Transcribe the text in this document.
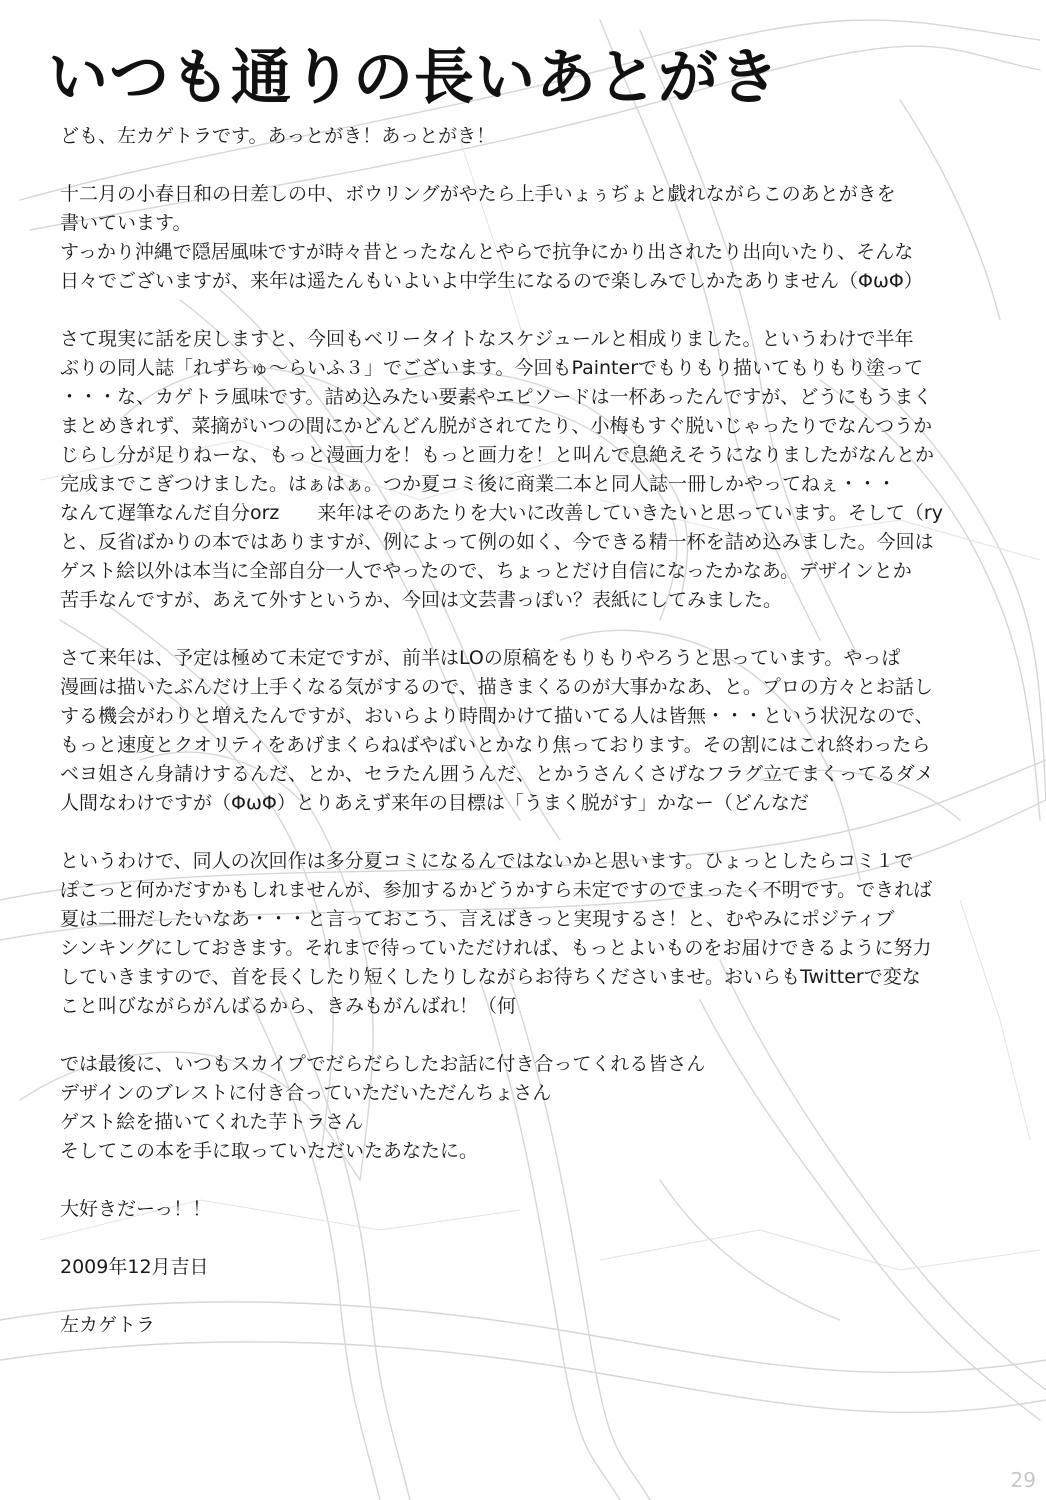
いつも通りの長いあとがき
ども、左カゲトラです。あっとがき！あっとがき！
十二月の小春日和の日差しの中、ボウリングがやたら上手いょぅぢょと戯れながらこのあとがきを
書いています。
すっかり沖縄で隠居風味ですが時々昔とったなんとやらで抗争にかり出されたり出向いたり、そんな
日々でございますが、来年は遥たんもいよいよ中学生になるので楽しみでしかたありません（ΦωΦ）
さて現実に話を戻しますと、今回もベリータイトなスケジュールと相成りました。というわけで半年
ぶりの同人誌「れずちゅ〜らいふ３」でございます。今回もPainterでもりもり描いてもりもり塗って
・・・な、カゲトラ風味です。詰め込みたい要素やエピソードは一杯あったんですが、どうにもうまく
まとめきれず、菜摘がいつの間にかどんどん脱がされてたり、小梅もすぐ脱いじゃったりでなんつうか
じらし分が足りねーな、もっと漫画力を！もっと画力を！と叫んで息絶えそうになりましたがなんとか
完成までこぎつけました。はぁはぁ。つか夏コミ後に商業二本と同人誌一冊しかやってねぇ・・・
なんて遅筆なんだ自分orz　　来年はそのあたりを大いに改善していきたいと思っています。そして（ry
と、反省ばかりの本ではありますが、例によって例の如く、今できる精一杯を詰め込みました。今回は
ゲスト絵以外は本当に全部自分一人でやったので、ちょっとだけ自信になったかなあ。デザインとか
苦手なんですが、あえて外すというか、今回は文芸書っぽい？表紙にしてみました。
さて来年は、予定は極めて未定ですが、前半はLOの原稿をもりもりやろうと思っています。やっぱ
漫画は描いたぶんだけ上手くなる気がするので、描きまくるのが大事かなあ、と。プロの方々とお話し
する機会がわりと増えたんですが、おいらより時間かけて描いてる人は皆無・・・という状況なので、
もっと速度とクオリティをあげまくらねばやばいとかなり焦っております。その割にはこれ終わったら
ベヨ姐さん身請けするんだ、とか、セラたん囲うんだ、とかうさんくさげなフラグ立てまくってるダメ
人間なわけですが（ΦωΦ）とりあえず来年の目標は「うまく脱がす」かなー（どんなだ
というわけで、同人の次回作は多分夏コミになるんではないかと思います。ひょっとしたらコミ１で
ぽこっと何かだすかもしれませんが、参加するかどうかすら未定ですのでまったく不明です。できれば
夏は二冊だしたいなあ・・・と言っておこう、言えばきっと実現するさ！と、むやみにポジティブ
シンキングにしておきます。それまで待っていただければ、もっとよいものをお届けできるように努力
していきますので、首を長くしたり短くしたりしながらお待ちくださいませ。おいらもTwitterで変な
こと叫びながらがんばるから、きみもがんばれ！（何
では最後に、いつもスカイプでだらだらしたお話に付き合ってくれる皆さん
デザインのブレストに付き合っていただいただんちょさん
ゲスト絵を描いてくれた芋トラさん
そしてこの本を手に取っていただいたあなたに。
大好きだーっ！！
2009年12月吉日
左カゲトラ
29
